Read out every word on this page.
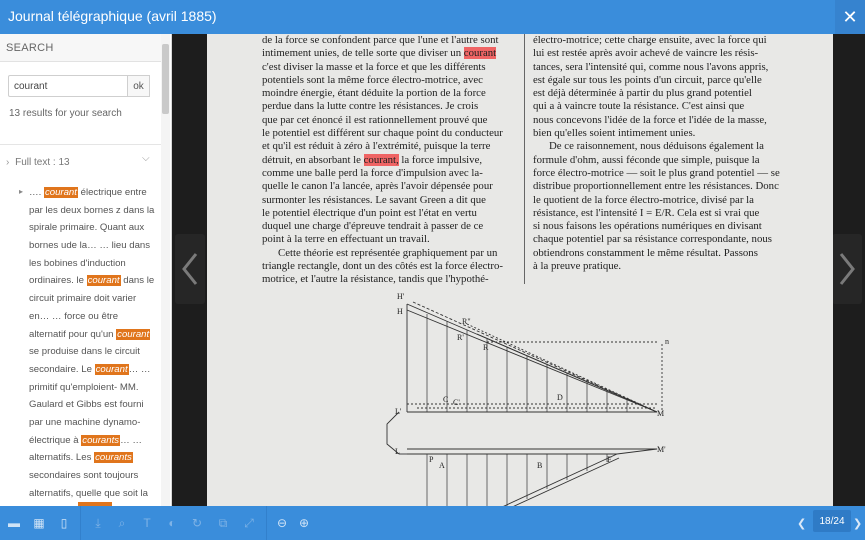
Journal télégraphique (avril 1885)	✕
SEARCH
courant
ok
13 results for your search
› Full text : 13	⌵
▸ …. courant électrique entre
par les deux bornes z dans la
spirale primaire. Quant aux
bornes ude la… … lieu dans
les bobines d'induction
ordinaires. le courant dans le
circuit primaire doit varier
en… … force ou être
alternatif pour qu'un courant
se produise dans le circuit
secondaire. Le courant… …
primitif qu'emploient- MM.
Gaulard et Gibbs est fourni
par une machine dynamo-
électrique à courants… …
alternatifs. Les courants
secondaires sont toujours
alternatifs, quelle que soit la
de la force se confondent parce que l'une et l'autre sont
intimement unies, de telle sorte que diviser un courant
c'est diviser la masse et la force et que les différents
potentiels sont la même force électro-motrice, avec
moindre énergie, étant déduite la portion de la force
perdue dans la lutte contre les résistances. Je crois
que par cet énoncé il est rationnellement prouvé que
le potentiel est différent sur chaque point du conducteur
et qu'il est réduit à zéro à l'extrémité, puisque la terre
détruit, en absorbant le courant, la force impulsive,
comme une balle perd la force d'impulsion avec la-
quelle le canon l'a lancée, après l'avoir dépensée pour
surmonter les résistances. Le savant Green a dit que
le potentiel électrique d'un point est l'état en vertu
duquel une charge d'épreuve tendrait à passer de ce
point à la terre en effectuant un travail.
Cette théorie est représentée graphiquement par un
triangle rectangle, dont un des côtés est la force électro-
motrice, et l'autre la résistance, tandis que l'hypothé-
électro-motrice; cette charge ensuite, avec la force qui
lui est restée après avoir achevé de vaincre les résis-
tances, sera l'intensité qui, comme nous l'avons appris,
est égale sur tous les points d'un circuit, parce qu'elle
est déjà déterminée à partir du plus grand potentiel
qui a à vaincre toute la résistance. C'est ainsi que
nous concevons l'idée de la force et l'idée de la masse,
bien qu'elles soient intimement unies.
De ce raisonnement, nous déduisons également la
formule d'ohm, aussi féconde que simple, puisque la
force électro-motrice — soit le plus grand potentiel — se
distribue proportionnellement entre les résistances. Donc
le quotient de la force électro-motrice, divisé par la
résistance, est l'intensité I = E/R. Cela est si vrai que
si nous faisons les opérations numériques en divisant
chaque potentiel par sa résistance correspondante, nous
obtiendrons constamment le même résultat. Passons
à la preuve pratique.
H'
H
R"
R'
R
n
D
C C'
L'
L
M
M'
A	B
P	F
▬ ▦	▯	⤓	⌕	T ◐ ↻ ⧉ ⤢ ⊖ ⊕	❮	18/24 ❯
